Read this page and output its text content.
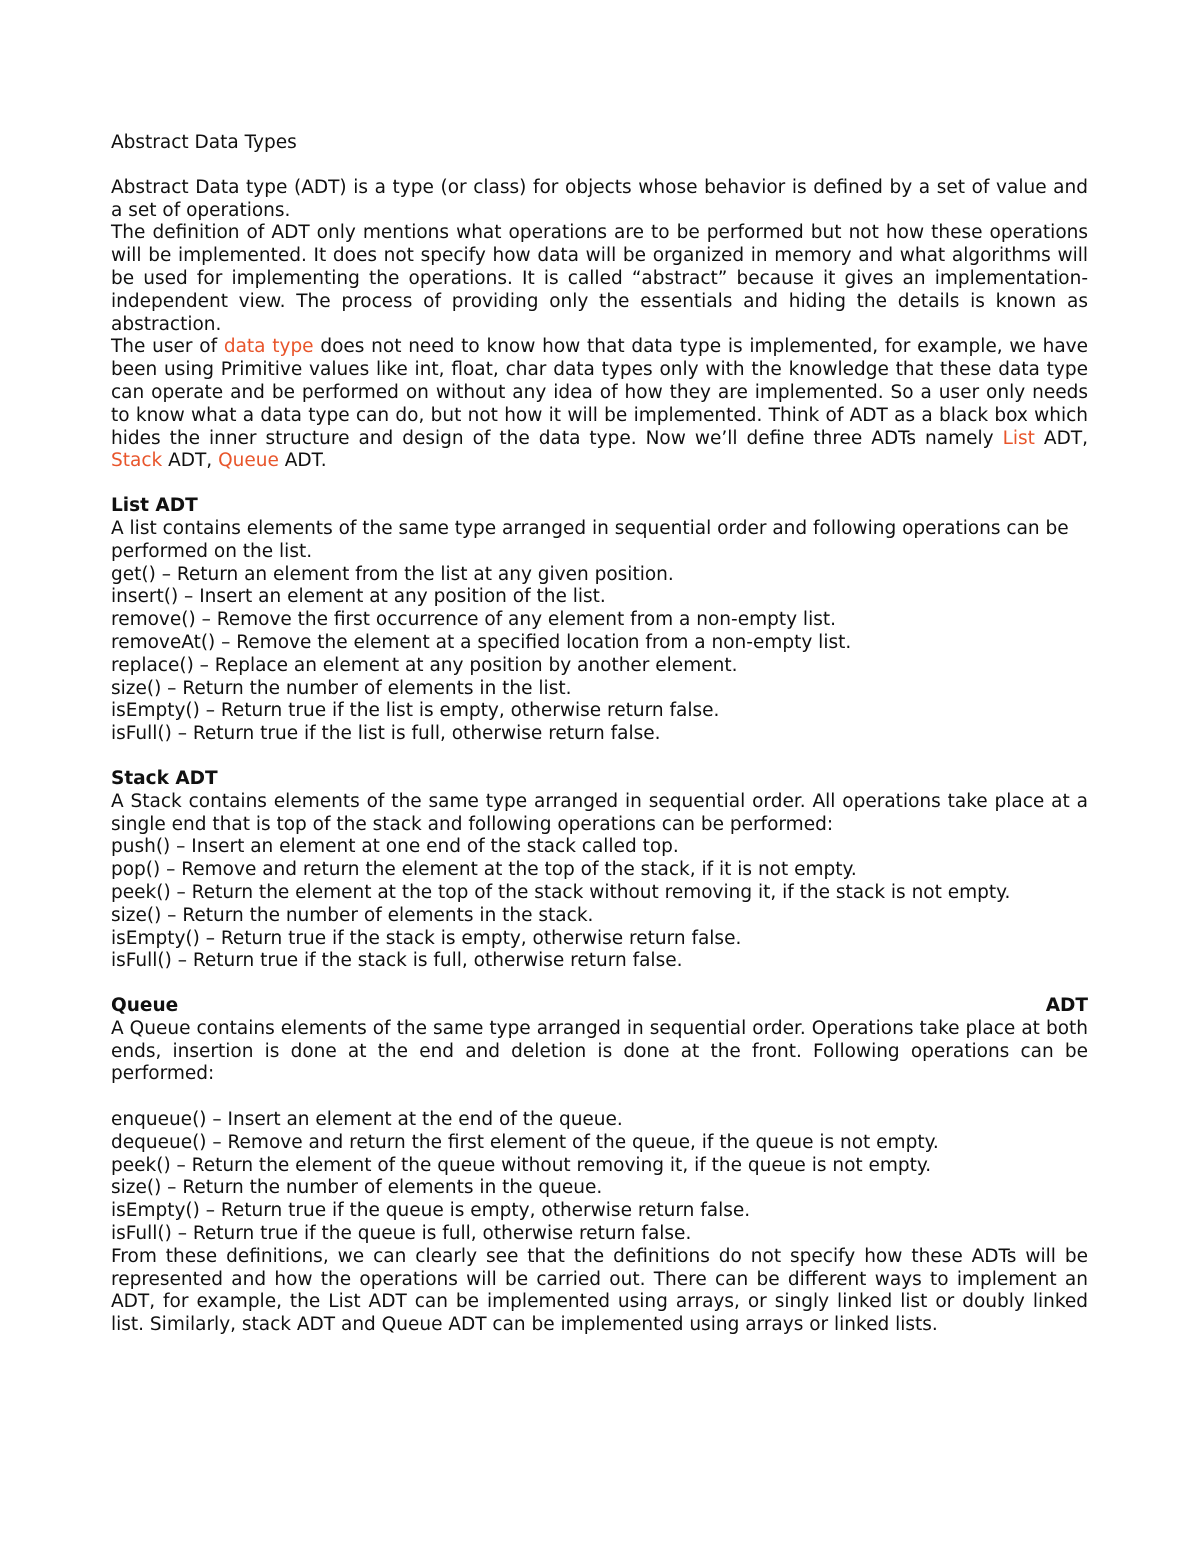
Abstract Data Types

Abstract Data type (ADT) is a type (or class) for objects whose behavior is defined by a set of value and a set of operations.

The definition of ADT only mentions what operations are to be performed but not how these operations will be implemented. It does not specify how data will be organized in memory and what algorithms will be used for implementing the operations. It is called “abstract” because it gives an implementation-independent view. The process of providing only the essentials and hiding the details is known as abstraction.

The user of data type does not need to know how that data type is implemented, for example, we have been using Primitive values like int, float, char data types only with the knowledge that these data type can operate and be performed on without any idea of how they are implemented. So a user only needs to know what a data type can do, but not how it will be implemented. Think of ADT as a black box which hides the inner structure and design of the data type. Now we’ll define three ADTs namely List ADT, Stack ADT, Queue ADT.

List ADT

A list contains elements of the same type arranged in sequential order and following operations can be performed on the list.

get() – Return an element from the list at any given position.
insert() – Insert an element at any position of the list.
remove() – Remove the first occurrence of any element from a non-empty list.
removeAt() – Remove the element at a specified location from a non-empty list.
replace() – Replace an element at any position by another element.
size() – Return the number of elements in the list.
isEmpty() – Return true if the list is empty, otherwise return false.
isFull() – Return true if the list is full, otherwise return false.

Stack ADT

A Stack contains elements of the same type arranged in sequential order. All operations take place at a single end that is top of the stack and following operations can be performed:

push() – Insert an element at one end of the stack called top.
pop() – Remove and return the element at the top of the stack, if it is not empty.
peek() – Return the element at the top of the stack without removing it, if the stack is not empty.
size() – Return the number of elements in the stack.
isEmpty() – Return true if the stack is empty, otherwise return false.
isFull() – Return true if the stack is full, otherwise return false.
Queue	ADT

A Queue contains elements of the same type arranged in sequential order. Operations take place at both ends, insertion is done at the end and deletion is done at the front. Following operations can be performed:

enqueue() – Insert an element at the end of the queue.
dequeue() – Remove and return the first element of the queue, if the queue is not empty.
peek() – Return the element of the queue without removing it, if the queue is not empty.
size() – Return the number of elements in the queue.
isEmpty() – Return true if the queue is empty, otherwise return false.
isFull() – Return true if the queue is full, otherwise return false.

From these definitions, we can clearly see that the definitions do not specify how these ADTs will be represented and how the operations will be carried out. There can be different ways to implement an ADT, for example, the List ADT can be implemented using arrays, or singly linked list or doubly linked list. Similarly, stack ADT and Queue ADT can be implemented using arrays or linked lists.
